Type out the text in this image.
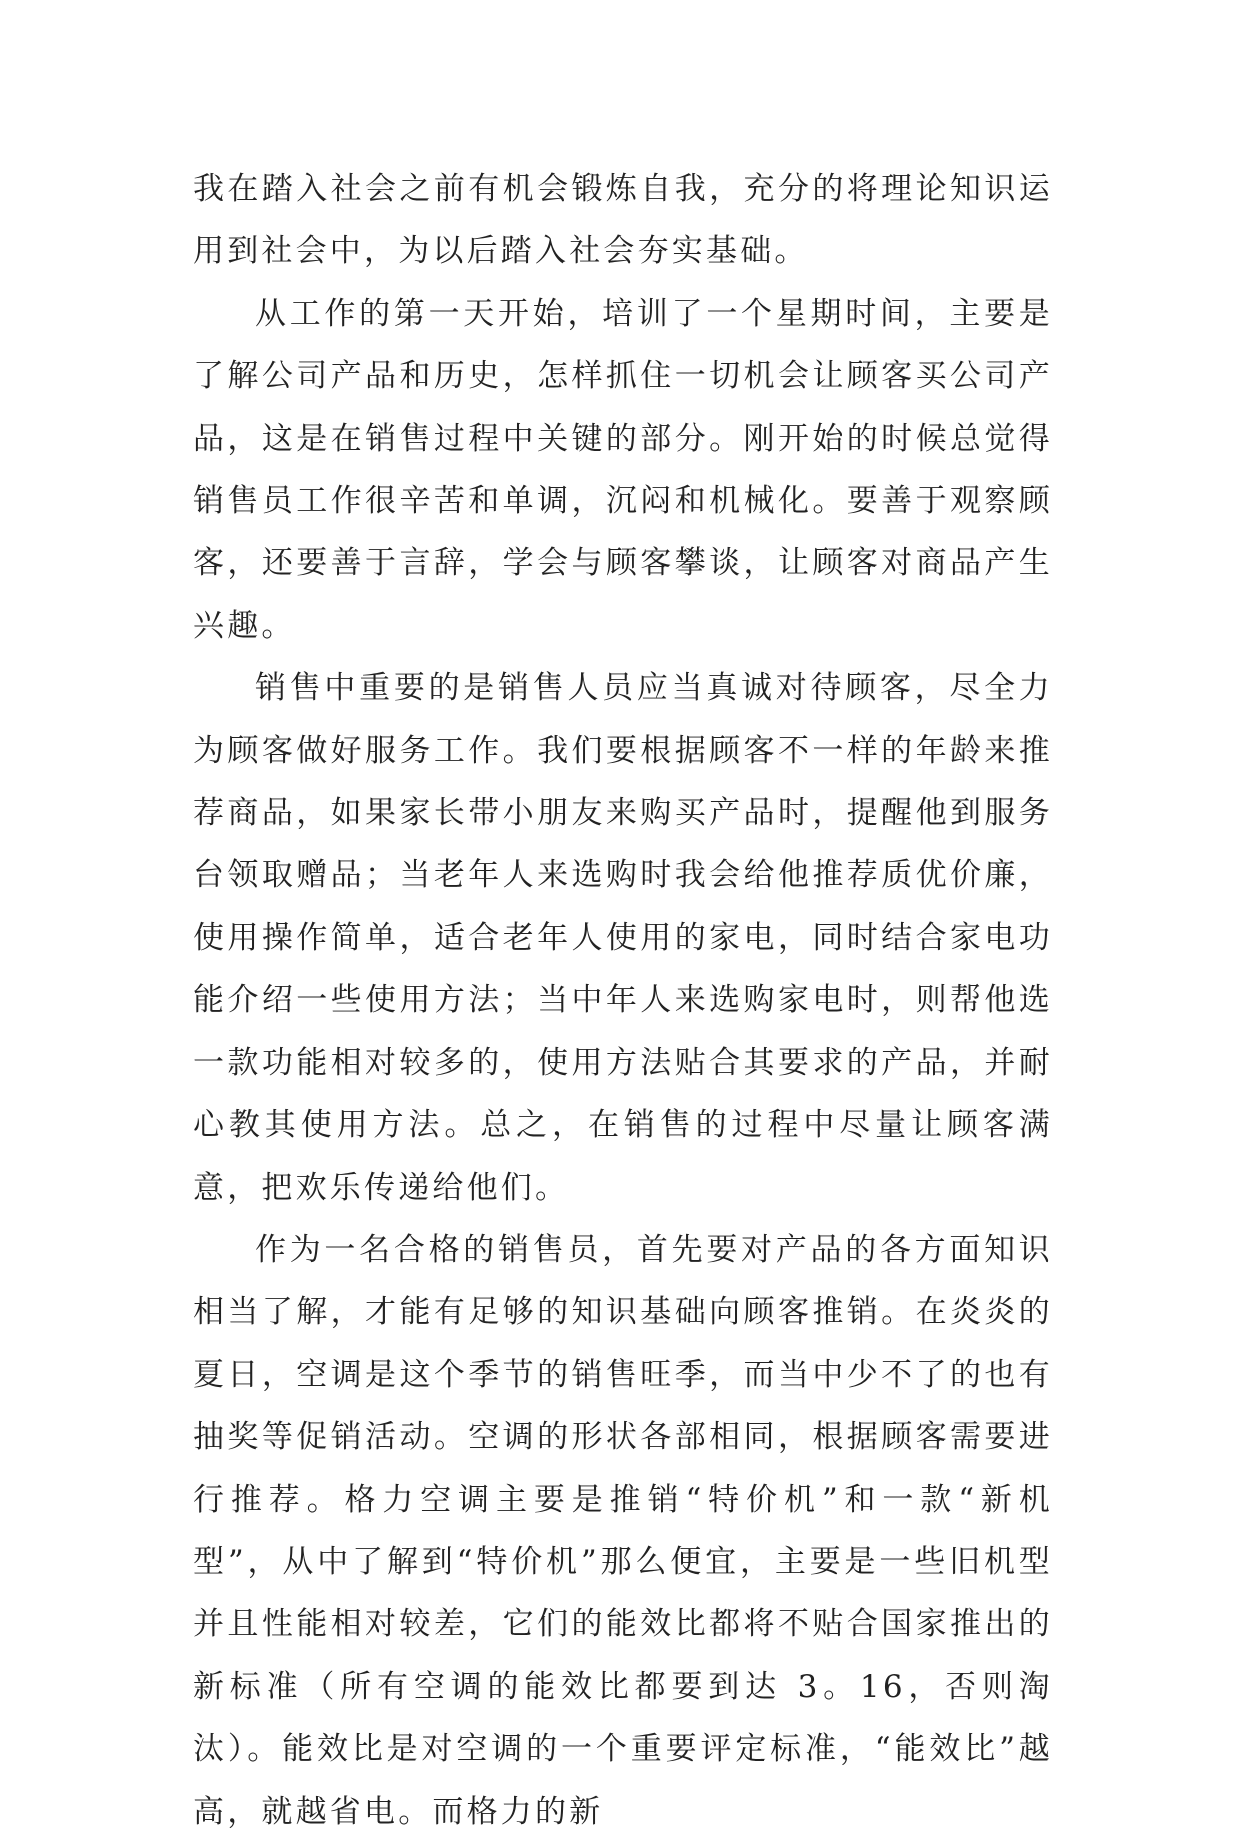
我在踏入社会之前有机会锻炼自我，充分的将理论知识运用到社会中，为以后踏入社会夯实基础。

从工作的第一天开始，培训了一个星期时间，主要是了解公司产品和历史，怎样抓住一切机会让顾客买公司产品，这是在销售过程中关键的部分。刚开始的时候总觉得销售员工作很辛苦和单调，沉闷和机械化。要善于观察顾客，还要善于言辞，学会与顾客攀谈，让顾客对商品产生兴趣。

销售中重要的是销售人员应当真诚对待顾客，尽全力为顾客做好服务工作。我们要根据顾客不一样的年龄来推荐商品，如果家长带小朋友来购买产品时，提醒他到服务台领取赠品；当老年人来选购时我会给他推荐质优价廉，使用操作简单，适合老年人使用的家电，同时结合家电功能介绍一些使用方法；当中年人来选购家电时，则帮他选一款功能相对较多的，使用方法贴合其要求的产品，并耐心教其使用方法。总之，在销售的过程中尽量让顾客满意，把欢乐传递给他们。

作为一名合格的销售员，首先要对产品的各方面知识相当了解，才能有足够的知识基础向顾客推销。在炎炎的夏日，空调是这个季节的销售旺季，而当中少不了的也有抽奖等促销活动。空调的形状各部相同，根据顾客需要进行推荐。格力空调主要是推销“特价机”和一款“新机型”，从中了解到“特价机”那么便宜，主要是一些旧机型并且性能相对较差，它们的能效比都将不贴合国家推出的新标准（所有空调的能效比都要到达 3。16，否则淘汰）。能效比是对空调的一个重要评定标准，“能效比”越高，就越省电。而格力的新
